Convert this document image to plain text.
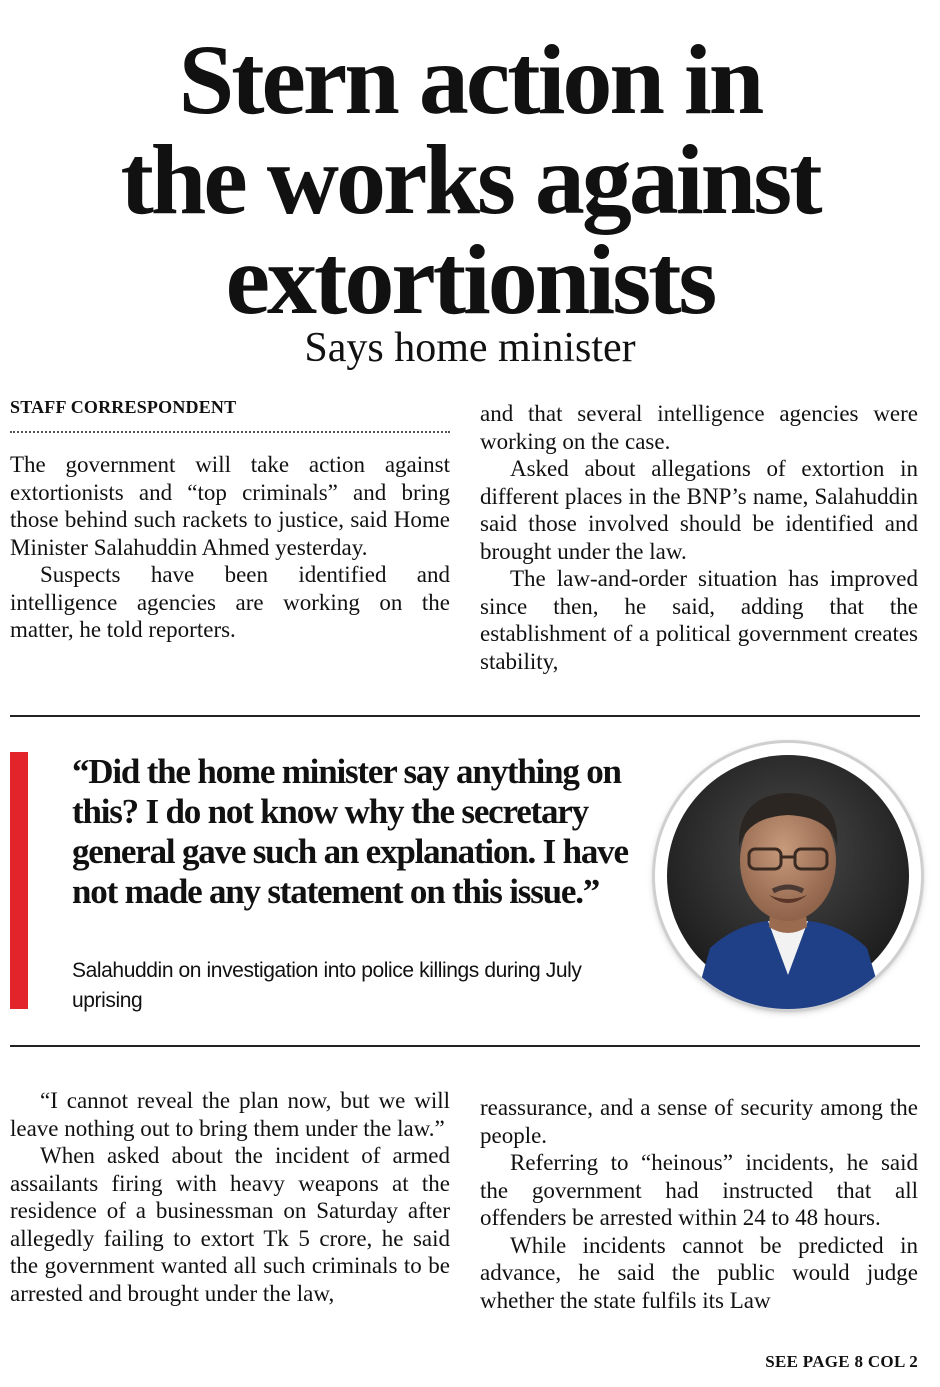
Stern action in
the works against
extortionists
Says home minister
STAFF CORRESPONDENT

The government will take action against extortionists and “top criminals” and bring those behind such rackets to justice, said Home Minister Salahuddin Ahmed yesterday.

Suspects have been identified and intelligence agencies are working on the matter, he told reporters.

and that several intelligence agencies were working on the case.

Asked about allegations of extortion in different places in the BNP’s name, Salahuddin said those involved should be identified and brought under the law.

The law-and-order situation has improved since then, he said, adding that the establishment of a political government creates stability,

“Did the home minister say anything on this? I do not know why the secretary general gave such an explanation. I have not made any statement on this issue.”
Salahuddin on investigation into police killings during July uprising

“I cannot reveal the plan now, but we will leave nothing out to bring them under the law.”

When asked about the incident of armed assailants firing with heavy weapons at the residence of a businessman on Saturday after allegedly failing to extort Tk 5 crore, he said the government wanted all such criminals to be arrested and brought under the law,

reassurance, and a sense of security among the people.

Referring to “heinous” incidents, he said the government had instructed that all offenders be arrested within 24 to 48 hours.

While incidents cannot be predicted in advance, he said the public would judge whether the state fulfils its Law

SEE PAGE 8 COL 2
